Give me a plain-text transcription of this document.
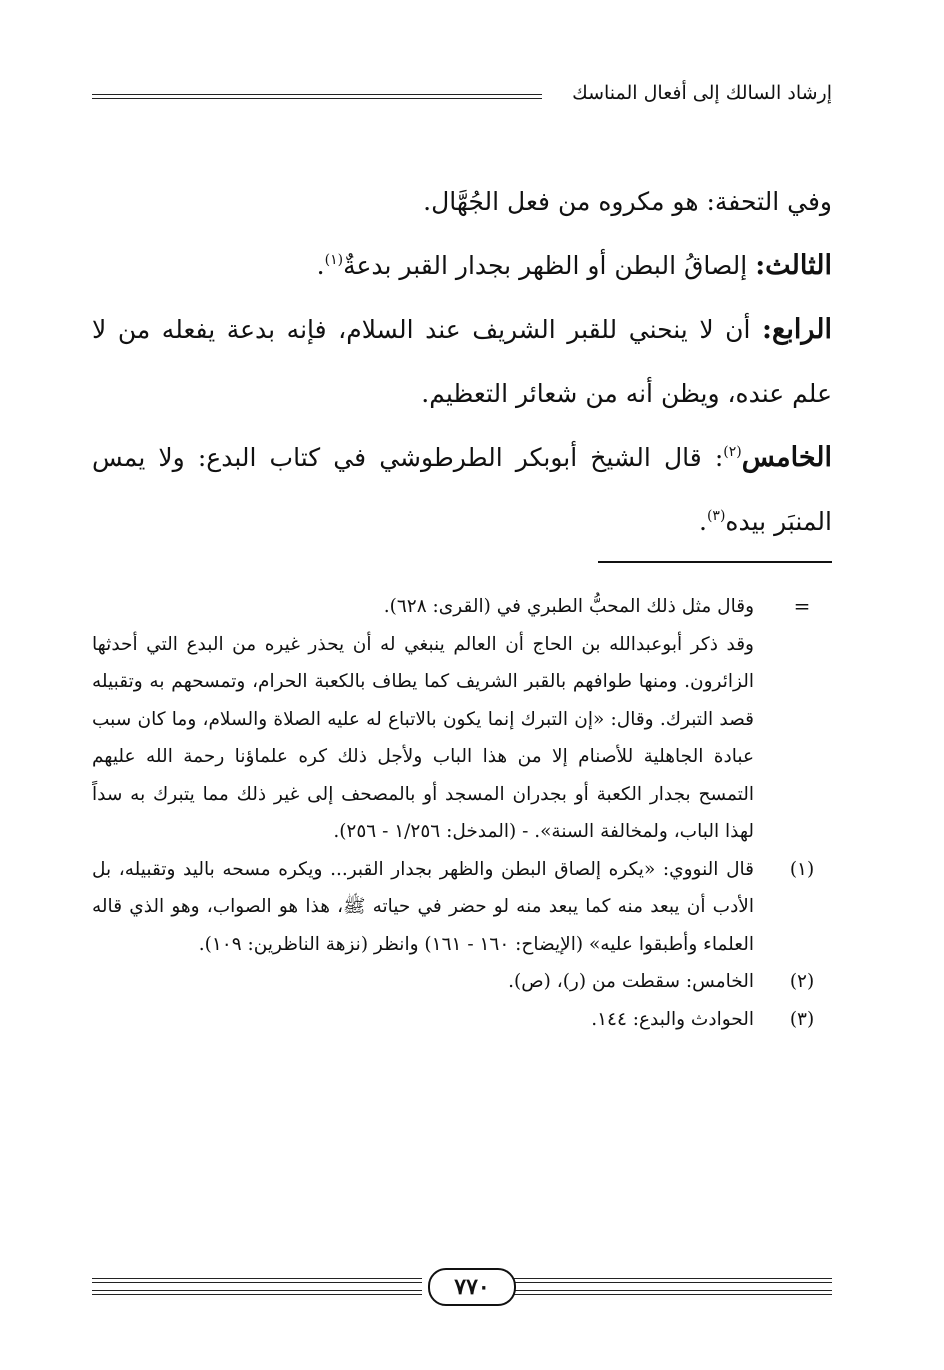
إرشاد السالك إلى أفعال المناسك

وفي التحفة: هو مكروه من فعل الجُهَّال.

الثالث: إلصاقُ البطن أو الظهر بجدار القبر بدعةٌ$^{(١)}$.

الرابع: أن لا ينحني للقبر الشريف عند السلام، فإنه بدعة يفعله من لا علم عنده، ويظن أنه من شعائر التعظيم.

الخامس$^{(٢)}$: قال الشيخ أبوبكر الطرطوشي في كتاب البدع: ولا يمس المنبَر بيده$^{(٣)}$.

=
وقال مثل ذلك المحبُّ الطبري في (القرى: ٦٢٨).

وقد ذكر أبوعبدالله بن الحاج أن العالم ينبغي له أن يحذر غيره من البدع التي أحدثها الزائرون. ومنها طوافهم بالقبر الشريف كما يطاف بالكعبة الحرام، وتمسحهم به وتقبيله قصد التبرك. وقال: «إن التبرك إنما يكون بالاتباع له عليه الصلاة والسلام، وما كان سبب عبادة الجاهلية للأصنام إلا من هذا الباب ولأجل ذلك كره علماؤنا رحمة الله عليهم التمسح بجدار الكعبة أو بجدران المسجد أو بالمصحف إلى غير ذلك مما يتبرك به سداً لهذا الباب، ولمخالفة السنة». - (المدخل: ١/٢٥٦ - ٢٥٦).

(١)
قال النووي: «يكره إلصاق البطن والظهر بجدار القبر... ويكره مسحه باليد وتقبيله، بل الأدب أن يبعد منه كما يبعد منه لو حضر في حياته ﷺ، هذا هو الصواب، وهو الذي قاله العلماء وأطبقوا عليه» (الإيضاح: ١٦٠ - ١٦١) وانظر (نزهة الناظرين: ١٠٩).

(٢)
الخامس: سقطت من (ر)، (ص).

(٣)
الحوادث والبدع: ١٤٤.

٧٧٠
